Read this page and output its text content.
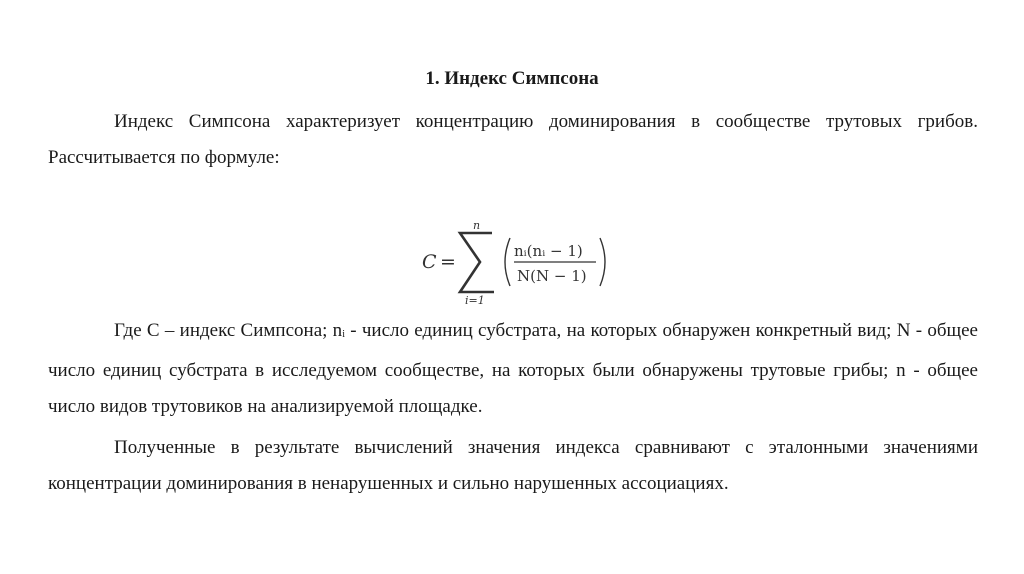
1. Индекс Симпсона

Индекс Симпсона характеризует концентрацию доминирования в сообществе трутовых грибов. Рассчитывается по формуле:

C =
n
i=1
nᵢ(nᵢ − 1)
N(N − 1)

Где С – индекс Симпсона; ni - число единиц субстрата, на которых обнаружен конкретный вид; N - общее число единиц субстрата в исследуемом сообществе, на которых были обнаружены трутовые грибы; n - общее число видов трутовиков на анализируемой площадке.

Полученные в результате вычислений значения индекса сравнивают с эталонными значениями концентрации доминирования в ненарушенных и сильно нарушенных ассоциациях.
